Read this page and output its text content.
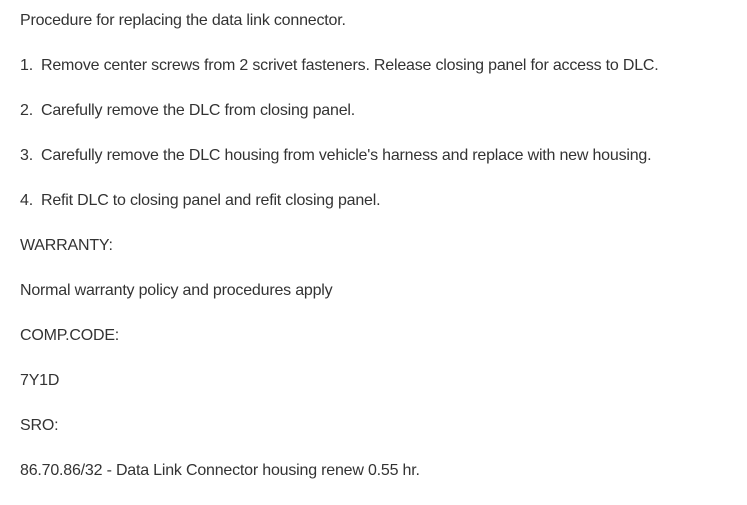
Procedure for replacing the data link connector.
1. Remove center screws from 2 scrivet fasteners. Release closing panel for access to DLC.
2. Carefully remove the DLC from closing panel.
3. Carefully remove the DLC housing from vehicle's harness and replace with new housing.
4. Refit DLC to closing panel and refit closing panel.
WARRANTY:
Normal warranty policy and procedures apply
COMP.CODE:
7Y1D
SRO:
86.70.86/32 - Data Link Connector housing renew 0.55 hr.
